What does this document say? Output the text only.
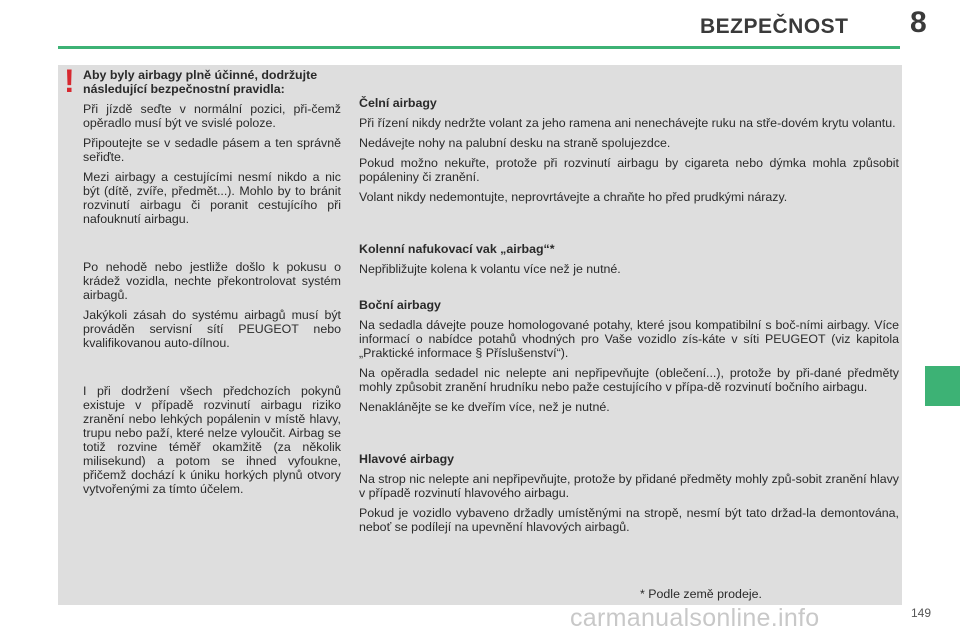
BEZPEČNOST 8
! Aby byly airbagy plně účinné, dodržujte následující bezpečnostní pravidla:

Při jízdě seďte v normální pozici, při-čemž opěradlo musí být ve svislé poloze.

Připoutejte se v sedadle pásem a ten správně seřiďte.

Mezi airbagy a cestujícími nesmí nikdo a nic být (dítě, zvíře, předmět...). Mohlo by to bránit rozvinutí airbagu či poranit cestujícího při nafouknutí airbagu.

Po nehodě nebo jestliže došlo k pokusu o krádež vozidla, nechte překontrolovat systém airbagů.

Jakýkoli zásah do systému airbagů musí být prováděn servisní sítí PEUGEOT nebo kvalifikovanou auto-dílnou.

I při dodržení všech předchozích pokynů existuje v případě rozvinutí airbagu riziko zranění nebo lehkých popálenin v místě hlavy, trupu nebo paží, které nelze vyloučit. Airbag se totiž rozvine téměř okamžitě (za několik milisekund) a potom se ihned vyfoukne, přičemž dochází k úniku horkých plynů otvory vytvořenými za tímto účelem.

Čelní airbagy

Při řízení nikdy nedržte volant za jeho ramena ani nenechávejte ruku na stře-dovém krytu volantu.

Nedávejte nohy na palubní desku na straně spolujezdce.

Pokud možno nekuřte, protože při rozvinutí airbagu by cigareta nebo dýmka mohla způsobit popáleniny či zranění.

Volant nikdy nedemontujte, neprovrtávejte a chraňte ho před prudkými nárazy.

Kolenní nafukovací vak „airbag“*

Nepřibližujte kolena k volantu více než je nutné.

Boční airbagy

Na sedadla dávejte pouze homologované potahy, které jsou kompatibilní s boč-ními airbagy. Více informací o nabídce potahů vhodných pro Vaše vozidlo zís-káte v síti PEUGEOT (viz kapitola „Praktické informace § Příslušenství“).

Na opěradla sedadel nic nelepte ani nepřipevňujte (oblečení...), protože by při-dané předměty mohly způsobit zranění hrudníku nebo paže cestujícího v přípa-dě rozvinutí bočního airbagu.

Nenaklánějte se ke dveřím více, než je nutné.

Hlavové airbagy

Na strop nic nelepte ani nepřipevňujte, protože by přidané předměty mohly způ-sobit zranění hlavy v případě rozvinutí hlavového airbagu.

Pokud je vozidlo vybaveno držadly umístěnými na stropě, nesmí být tato držad-la demontována, neboť se podílejí na upevnění hlavových airbagů.

* Podle země prodeje.
carmanualsonline.info	149
